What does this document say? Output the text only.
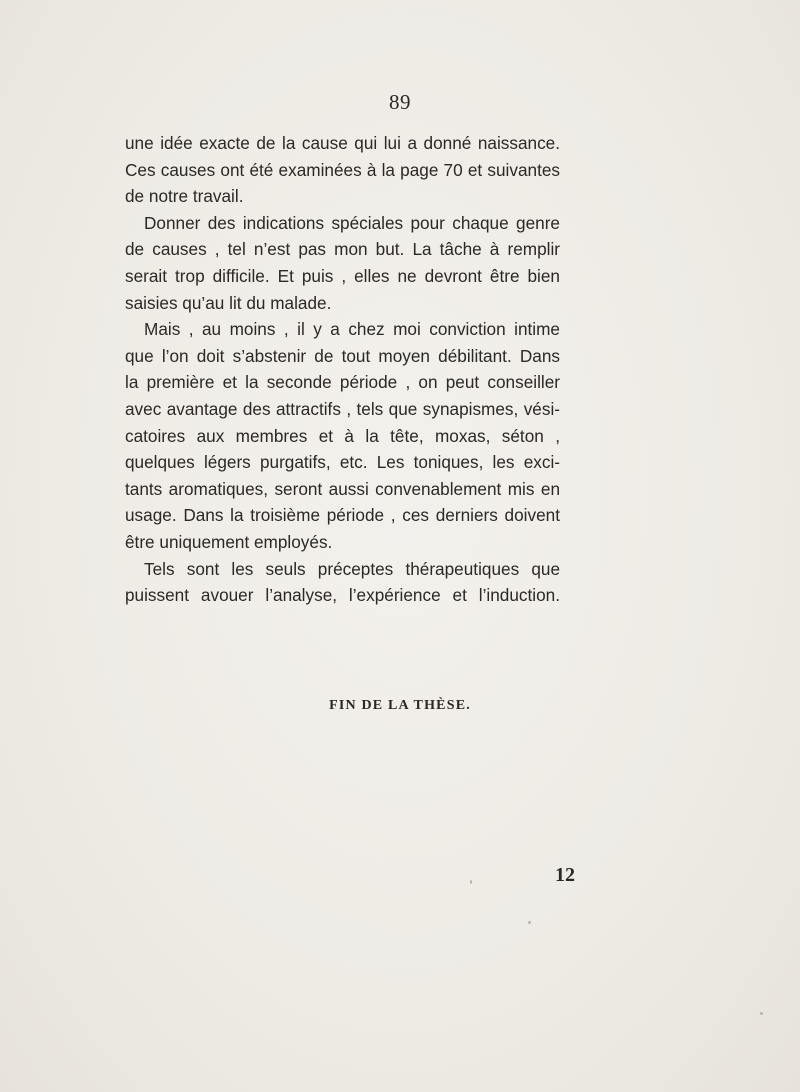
89
une idée exacte de la cause qui lui a donné naissance.
Ces causes ont été examinées à la page 70 et suivantes
de notre travail.
Donner des indications spéciales pour chaque genre
de causes , tel n’est pas mon but. La tâche à remplir
serait trop difficile. Et puis , elles ne devront être bien
saisies qu’au lit du malade.
Mais , au moins , il y a chez moi conviction intime
que l’on doit s’abstenir de tout moyen débilitant. Dans
la première et la seconde période , on peut conseiller
avec avantage des attractifs , tels que synapismes, vési-
catoires aux membres et à la tête, moxas, séton ,
quelques légers purgatifs, etc. Les toniques, les exci-
tants aromatiques, seront aussi convenablement mis en
usage. Dans la troisième période , ces derniers doivent
être uniquement employés.
Tels sont les seuls préceptes thérapeutiques que
puissent avouer l’analyse, l’expérience et l’induction.
FIN DE LA THÈSE.
12
